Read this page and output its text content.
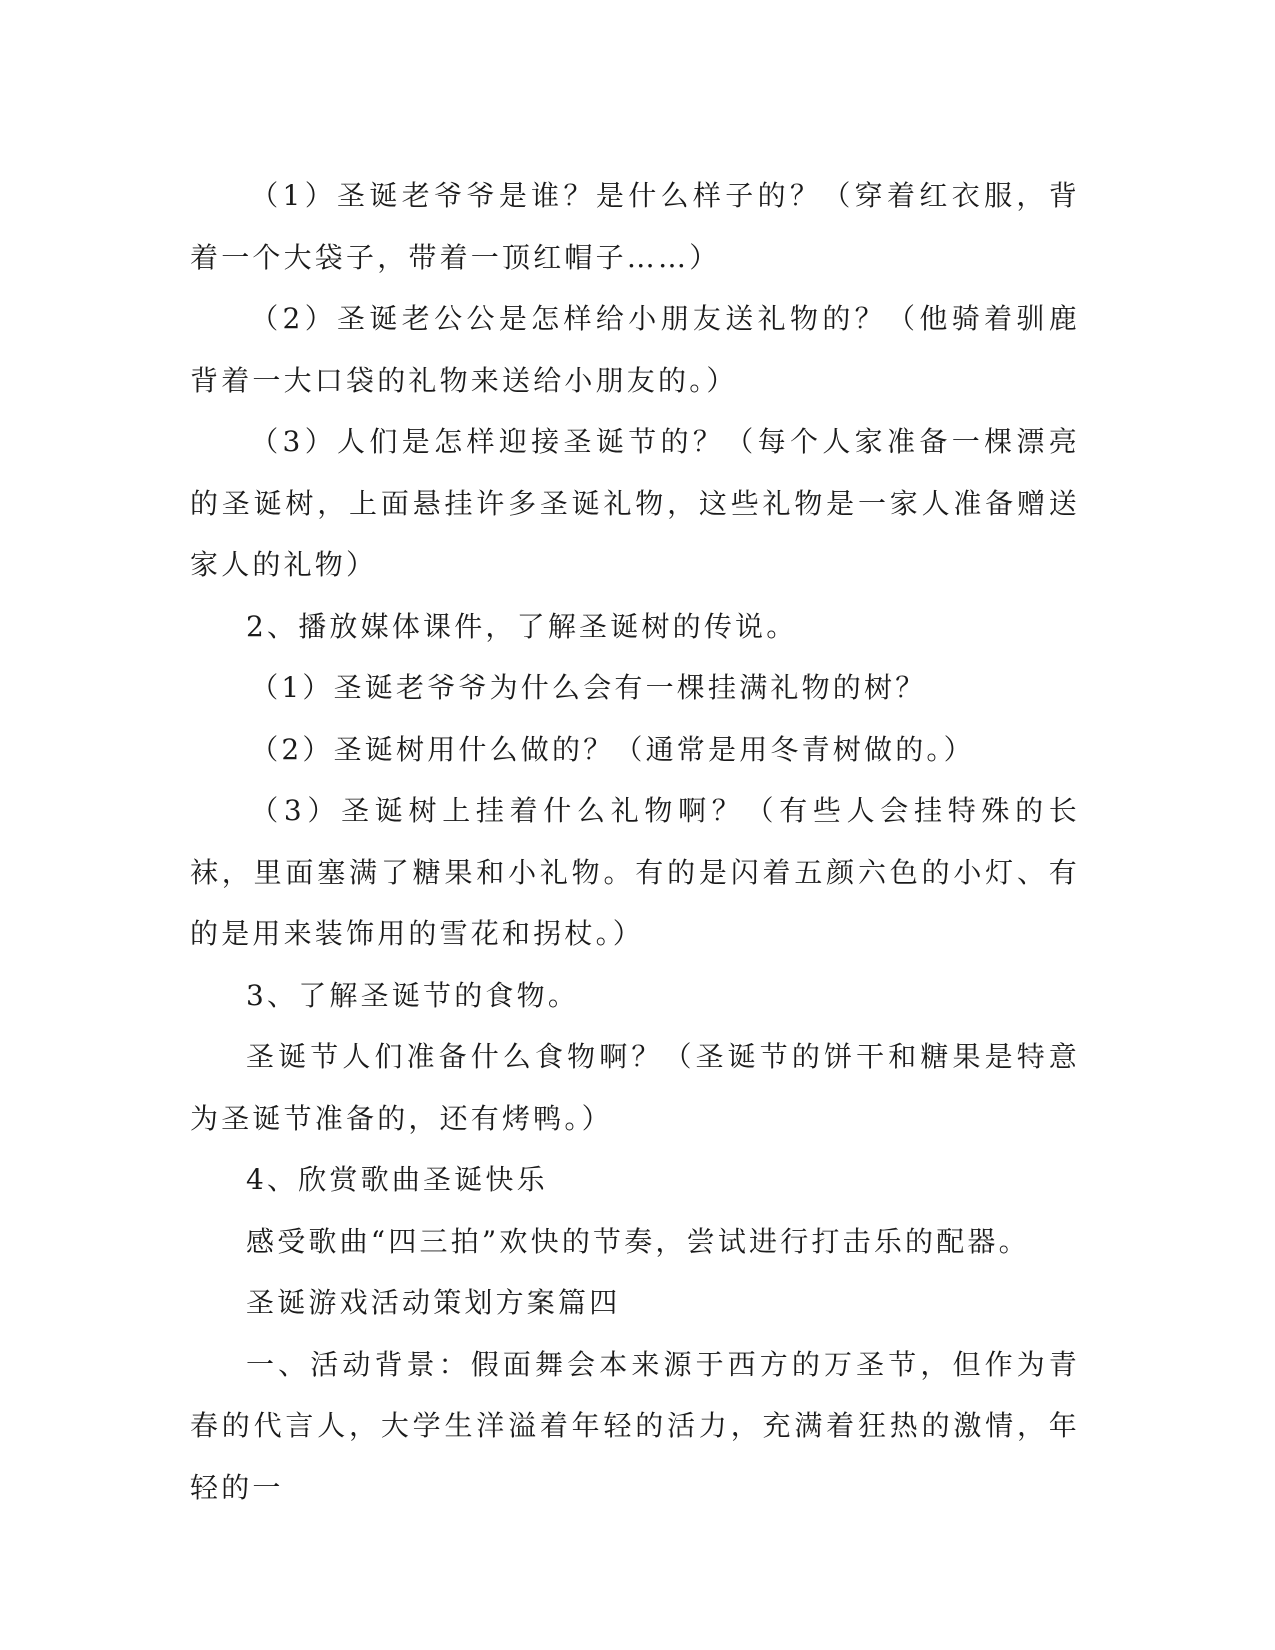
（1）圣诞老爷爷是谁？是什么样子的？（穿着红衣服，背着一个大袋子，带着一顶红帽子……）

（2）圣诞老公公是怎样给小朋友送礼物的？（他骑着驯鹿背着一大口袋的礼物来送给小朋友的。）

（3）人们是怎样迎接圣诞节的？（每个人家准备一棵漂亮的圣诞树，上面悬挂许多圣诞礼物，这些礼物是一家人准备赠送家人的礼物）

2、播放媒体课件，了解圣诞树的传说。

（1）圣诞老爷爷为什么会有一棵挂满礼物的树？

（2）圣诞树用什么做的？（通常是用冬青树做的。）

（3）圣诞树上挂着什么礼物啊？（有些人会挂特殊的长袜，里面塞满了糖果和小礼物。有的是闪着五颜六色的小灯、有的是用来装饰用的雪花和拐杖。）

3、了解圣诞节的食物。

圣诞节人们准备什么食物啊？（圣诞节的饼干和糖果是特意为圣诞节准备的，还有烤鸭。）

4、欣赏歌曲圣诞快乐

感受歌曲“四三拍”欢快的节奏，尝试进行打击乐的配器。

圣诞游戏活动策划方案篇四

一、活动背景：假面舞会本来源于西方的万圣节，但作为青春的代言人，大学生洋溢着年轻的活力，充满着狂热的激情，年轻的一
